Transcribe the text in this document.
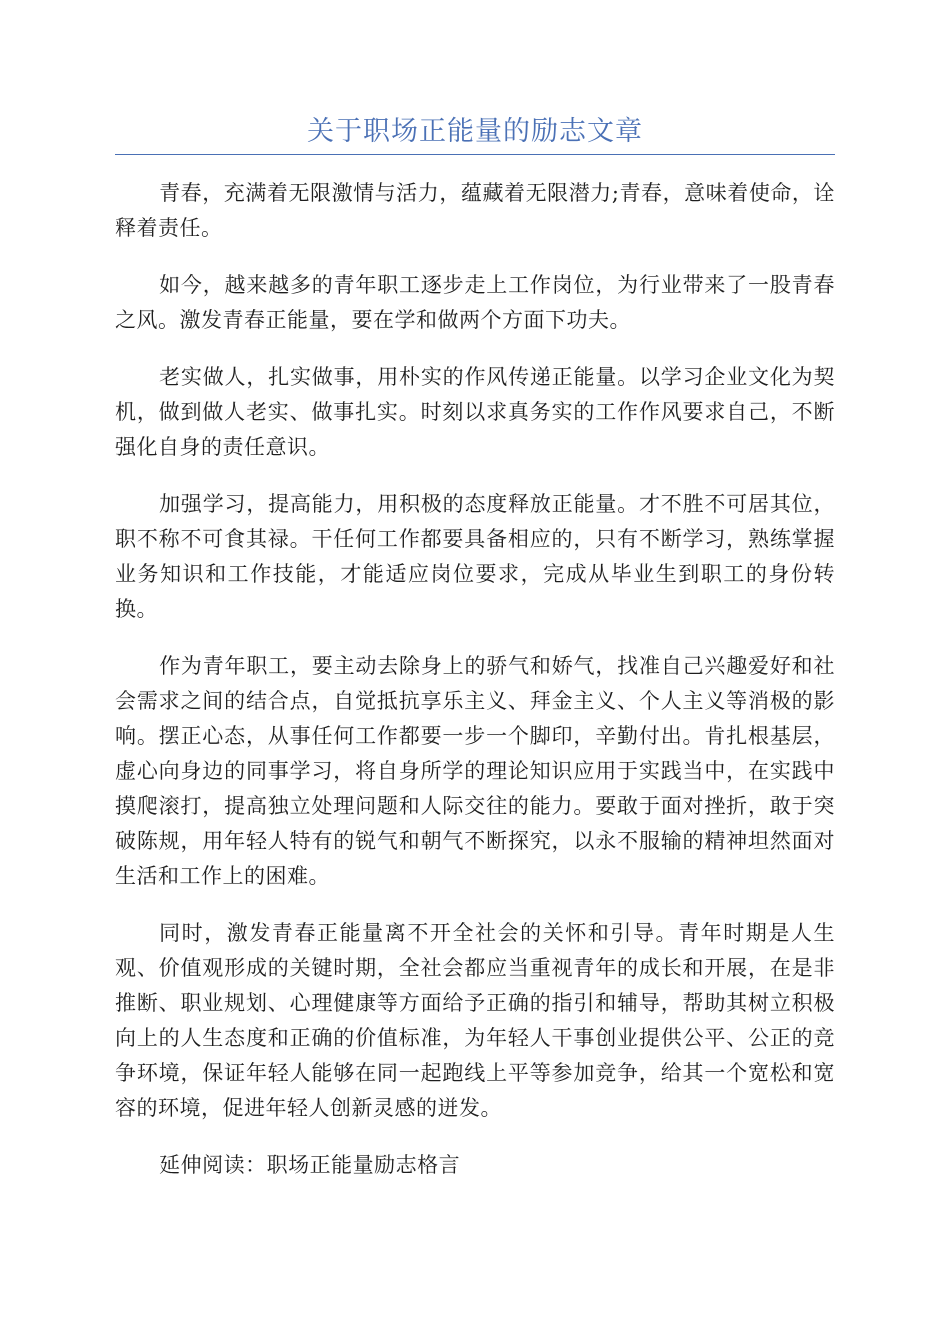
关于职场正能量的励志文章

青春，充满着无限激情与活力，蕴藏着无限潜力;青春，意味着使命，诠释着责任。

如今，越来越多的青年职工逐步走上工作岗位，为行业带来了一股青春之风。激发青春正能量，要在学和做两个方面下功夫。

老实做人，扎实做事，用朴实的作风传递正能量。以学习企业文化为契机，做到做人老实、做事扎实。时刻以求真务实的工作作风要求自己，不断强化自身的责任意识。

加强学习，提高能力，用积极的态度释放正能量。才不胜不可居其位，职不称不可食其禄。干任何工作都要具备相应的，只有不断学习，熟练掌握业务知识和工作技能，才能适应岗位要求，完成从毕业生到职工的身份转换。

作为青年职工，要主动去除身上的骄气和娇气，找准自己兴趣爱好和社会需求之间的结合点，自觉抵抗享乐主义、拜金主义、个人主义等消极的影响。摆正心态，从事任何工作都要一步一个脚印，辛勤付出。肯扎根基层，虚心向身边的同事学习，将自身所学的理论知识应用于实践当中，在实践中摸爬滚打，提高独立处理问题和人际交往的能力。要敢于面对挫折，敢于突破陈规，用年轻人特有的锐气和朝气不断探究，以永不服输的精神坦然面对生活和工作上的困难。

同时，激发青春正能量离不开全社会的关怀和引导。青年时期是人生观、价值观形成的关键时期，全社会都应当重视青年的成长和开展，在是非推断、职业规划、心理健康等方面给予正确的指引和辅导，帮助其树立积极向上的人生态度和正确的价值标准，为年轻人干事创业提供公平、公正的竞争环境，保证年轻人能够在同一起跑线上平等参加竞争，给其一个宽松和宽容的环境，促进年轻人创新灵感的迸发。

延伸阅读：职场正能量励志格言
